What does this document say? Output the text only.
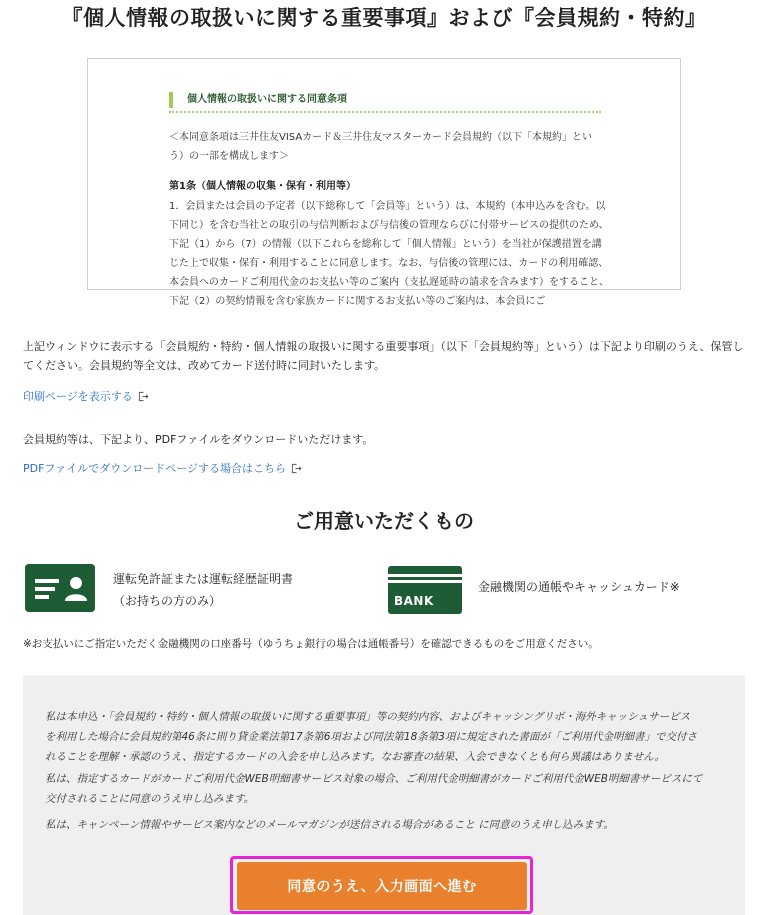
『個人情報の取扱いに関する重要事項』および『会員規約・特約』
個人情報の取扱いに関する同意条項
＜本同意条項は三井住友VISAカード＆三井住友マスターカード会員規約（以下「本規約」という）の一部を構成します＞
第1条（個人情報の収集・保有・利用等）
1．会員または会員の予定者（以下総称して「会員等」という）は、本規約（本申込みを含む。以下同じ）を含む当社との取引の与信判断および与信後の管理ならびに付帯サービスの提供のため、下記（1）から（7）の情報（以下これらを総称して「個人情報」という）を当社が保護措置を講じた上で収集・保有・利用することに同意します。なお、与信後の管理には、カードの利用確認、本会員へのカードご利用代金のお支払い等のご案内（支払遅延時の請求を含みます）をすること、下記（2）の契約情報を含む家族カードに関するお支払い等のご案内は、本会員にご
上記ウィンドウに表示する「会員規約・特約・個人情報の取扱いに関する重要事項」（以下「会員規約等」という）は下記より印刷のうえ、保管してください。会員規約等全文は、改めてカード送付時に同封いたします。
印刷ページを表示する
会員規約等は、下記より、PDFファイルをダウンロードいただけます。
PDFファイルでダウンロードページする場合はこちら
ご用意いただくもの
運転免許証または運転経歴証明書
（お持ちの方のみ）	BANK
金融機関の通帳やキャッシュカード※
※お支払いにご指定いただく金融機関の口座番号（ゆうちょ銀行の場合は通帳番号）を確認できるものをご用意ください。
私は本申込・「会員規約・特約・個人情報の取扱いに関する重要事項」等の契約内容、およびキャッシングリボ・海外キャッシュサービス
を利用した場合に会員規約第46条に則り貸金業法第17条第6項および同法第18条第3項に規定された書面が「ご利用代金明細書」で交付さ
れることを理解・承認のうえ、指定するカードの入会を申し込みます。なお審査の結果、入会できなくとも何ら異議はありません。
私は、指定するカードがカードご利用代金WEB明細書サービス対象の場合、ご利用代金明細書がカードご利用代金WEB明細書サービスにて
交付されることに同意のうえ申し込みます。
私は、キャンペーン情報やサービス案内などのメールマガジンが送信される場合があること に同意のうえ申し込みます。
同意のうえ、入力画面へ進む
